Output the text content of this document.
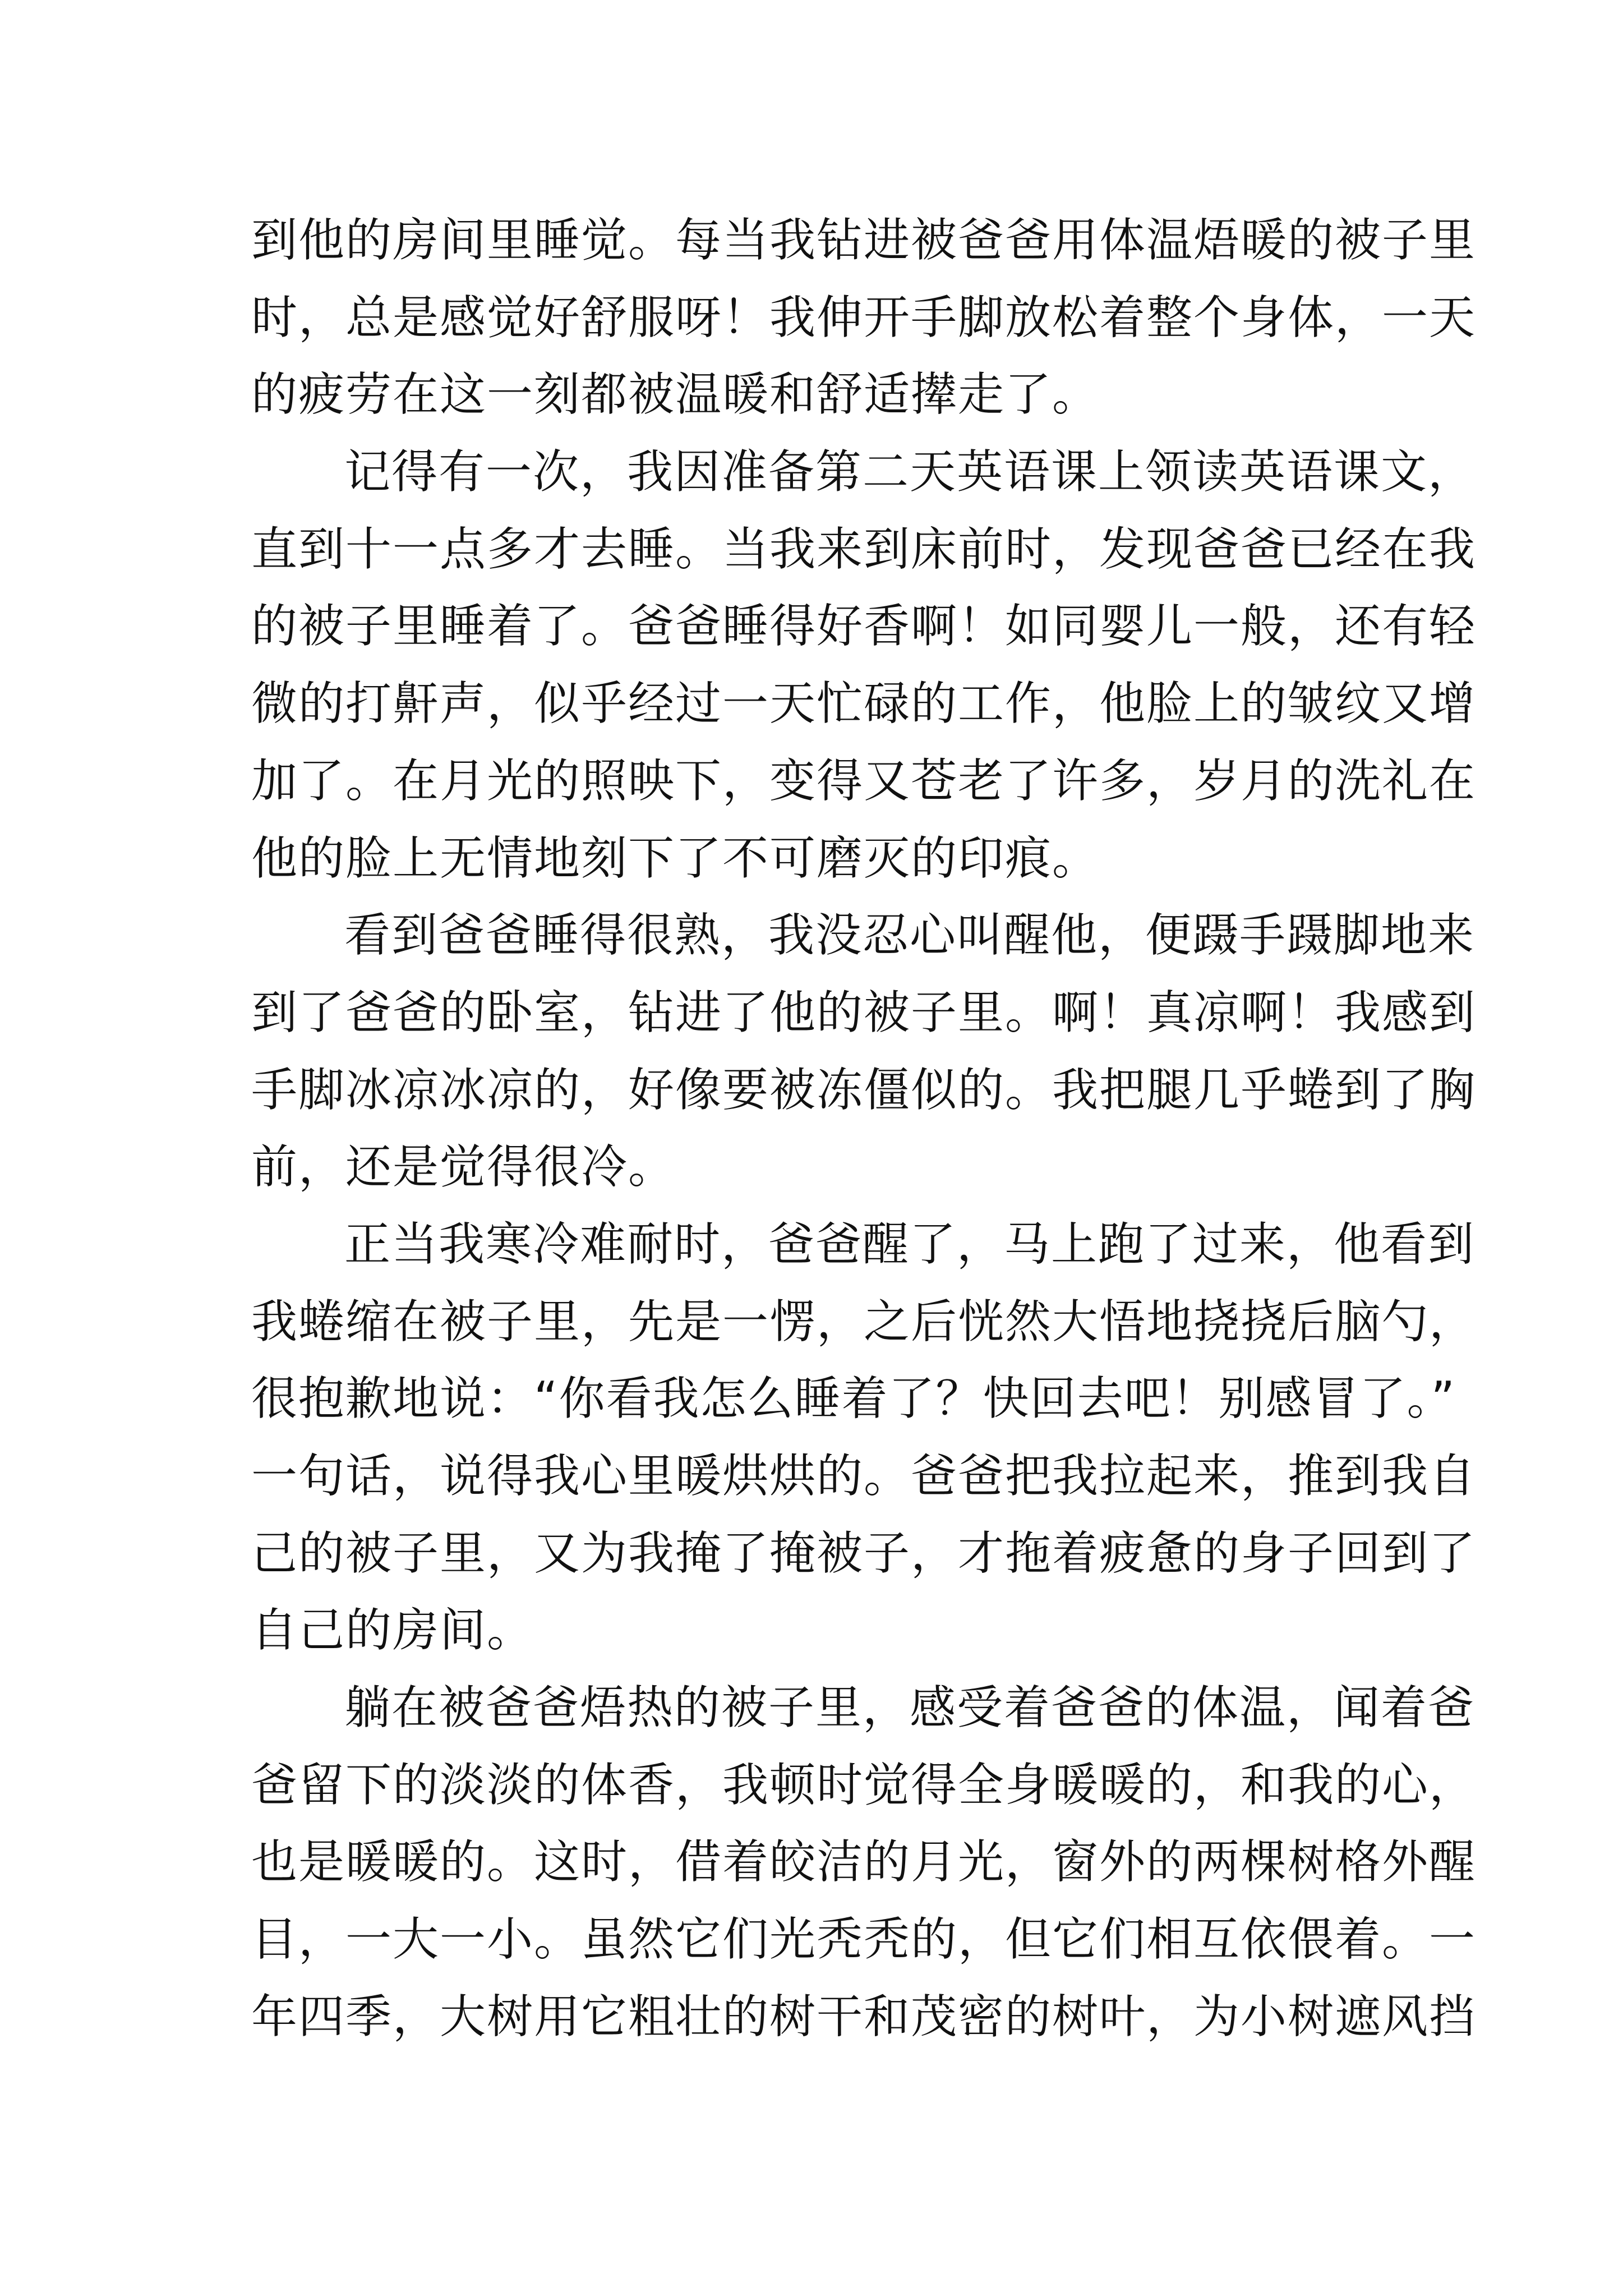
到他的房间里睡觉。每当我钻进被爸爸用体温焐暖的被子里
时，总是感觉好舒服呀！我伸开手脚放松着整个身体，一天
的疲劳在这一刻都被温暖和舒适撵走了。
记得有一次，我因准备第二天英语课上领读英语课文，
直到十一点多才去睡。当我来到床前时，发现爸爸已经在我
的被子里睡着了。爸爸睡得好香啊！如同婴儿一般，还有轻
微的打鼾声，似乎经过一天忙碌的工作，他脸上的皱纹又增
加了。在月光的照映下，变得又苍老了许多，岁月的洗礼在
他的脸上无情地刻下了不可磨灭的印痕。
看到爸爸睡得很熟，我没忍心叫醒他，便蹑手蹑脚地来
到了爸爸的卧室，钻进了他的被子里。啊！真凉啊！我感到
手脚冰凉冰凉的，好像要被冻僵似的。我把腿几乎蜷到了胸
前，还是觉得很冷。
正当我寒冷难耐时，爸爸醒了，马上跑了过来，他看到
我蜷缩在被子里，先是一愣，之后恍然大悟地挠挠后脑勺，
很抱歉地说：“你看我怎么睡着了？快回去吧！别感冒了。”
一句话，说得我心里暖烘烘的。爸爸把我拉起来，推到我自
己的被子里，又为我掩了掩被子，才拖着疲惫的身子回到了
自己的房间。
躺在被爸爸焐热的被子里，感受着爸爸的体温，闻着爸
爸留下的淡淡的体香，我顿时觉得全身暖暖的，和我的心，
也是暖暖的。这时，借着皎洁的月光，窗外的两棵树格外醒
目，一大一小。虽然它们光秃秃的，但它们相互依偎着。一
年四季，大树用它粗壮的树干和茂密的树叶，为小树遮风挡
